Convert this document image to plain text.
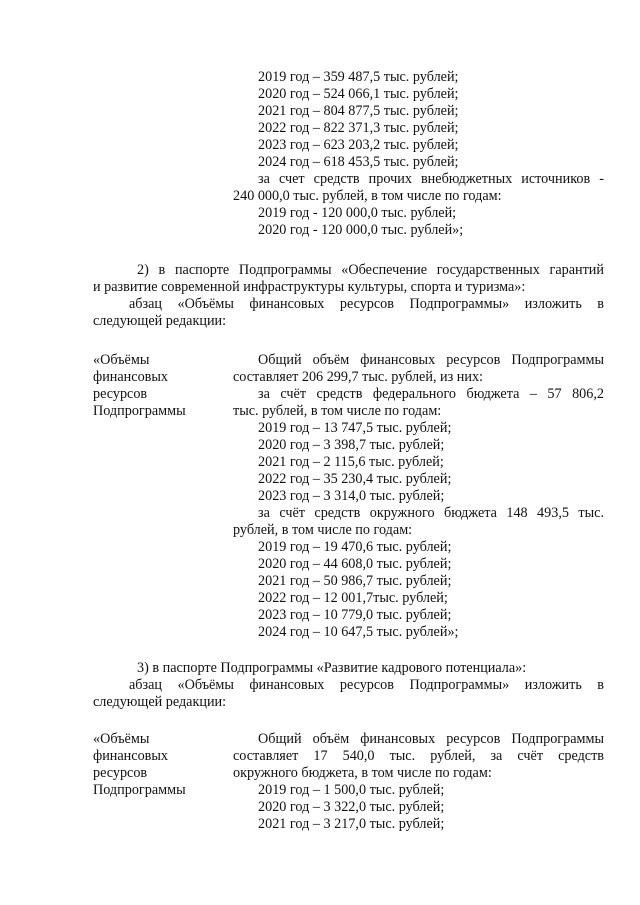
2019 год – 359 487,5 тыс. рублей;
2020 год – 524 066,1 тыс. рублей;
2021 год – 804 877,5 тыс. рублей;
2022 год – 822 371,3 тыс. рублей;
2023 год – 623 203,2 тыс. рублей;
2024 год – 618 453,5 тыс. рублей;
за счет средств прочих внебюджетных источников -
240 000,0 тыс. рублей, в том числе по годам:
2019 год - 120 000,0 тыс. рублей;
2020 год - 120 000,0 тыс. рублей»;
2) в паспорте Подпрограммы «Обеспечение государственных гарантий
и развитие современной инфраструктуры культуры, спорта и туризма»:
абзац «Объёмы финансовых ресурсов Подпрограммы» изложить в
следующей редакции:
«Объёмы
финансовых
ресурсов
Подпрограммы
Общий объём финансовых ресурсов Подпрограммы
составляет 206 299,7 тыс. рублей, из них:
за счёт средств федерального бюджета – 57 806,2
тыс. рублей, в том числе по годам:
2019 год – 13 747,5 тыс. рублей;
2020 год – 3 398,7 тыс. рублей;
2021 год – 2 115,6 тыс. рублей;
2022 год – 35 230,4 тыс. рублей;
2023 год – 3 314,0 тыс. рублей;
за счёт средств окружного бюджета 148 493,5 тыс.
рублей, в том числе по годам:
2019 год – 19 470,6 тыс. рублей;
2020 год – 44 608,0 тыс. рублей;
2021 год – 50 986,7 тыс. рублей;
2022 год – 12 001,7тыс. рублей;
2023 год – 10 779,0 тыс. рублей;
2024 год – 10 647,5 тыс. рублей»;
3) в паспорте Подпрограммы «Развитие кадрового потенциала»:
абзац «Объёмы финансовых ресурсов Подпрограммы» изложить в
следующей редакции:
«Объёмы
финансовых
ресурсов
Подпрограммы
Общий объём финансовых ресурсов Подпрограммы
составляет 17 540,0 тыс. рублей, за счёт средств
окружного бюджета, в том числе по годам:
2019 год – 1 500,0 тыс. рублей;
2020 год – 3 322,0 тыс. рублей;
2021 год – 3 217,0 тыс. рублей;
